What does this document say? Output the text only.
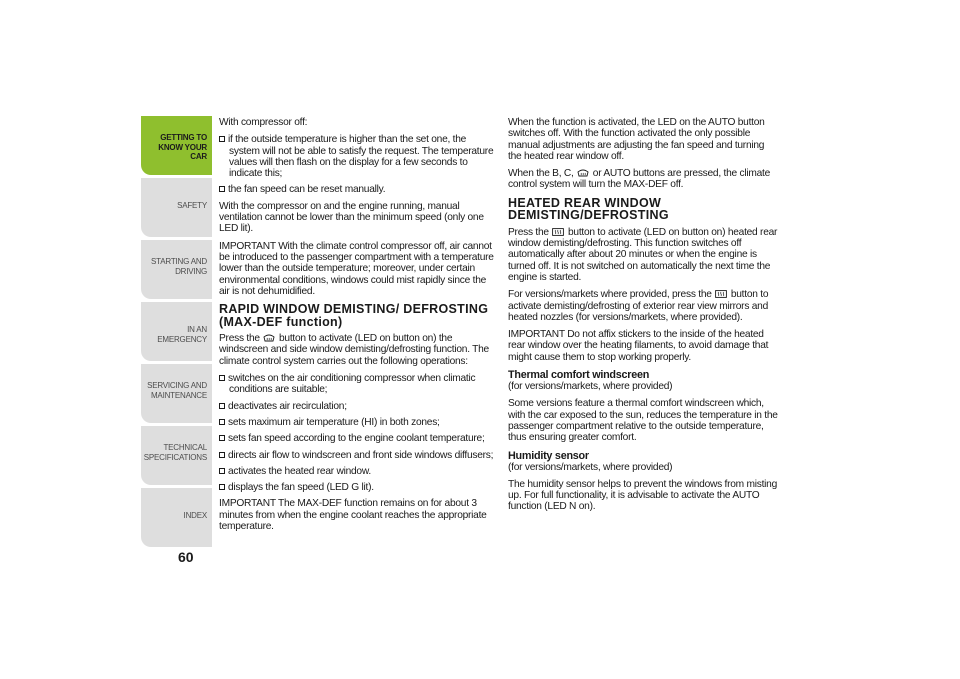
GETTING TO KNOW YOUR CAR
SAFETY
STARTING AND DRIVING
IN AN EMERGENCY
SERVICING AND MAINTENANCE
TECHNICAL SPECIFICATIONS
INDEX
60

With compressor off:

if the outside temperature is higher than the set one, the system will not be able to satisfy the request. The temperature values will then flash on the display for a few seconds to indicate this;
the fan speed can be reset manually.

With the compressor on and the engine running, manual ventilation cannot be lower than the minimum speed (only one LED lit).

IMPORTANT With the climate control compressor off, air cannot be introduced to the passenger compartment with a temperature lower than the outside temperature; moreover, under certain environmental conditions, windows could mist rapidly since the air is not dehumidified.

RAPID WINDOW DEMISTING/ DEFROSTING (MAX-DEF function)

Press the button to activate (LED on button on) the windscreen and side window demisting/defrosting function. The climate control system carries out the following operations:

switches on the air conditioning compressor when climatic conditions are suitable;
deactivates air recirculation;
sets maximum air temperature (HI) in both zones;
sets fan speed according to the engine coolant temperature;
directs air flow to windscreen and front side windows diffusers;
activates the heated rear window.
displays the fan speed (LED G lit).

IMPORTANT The MAX-DEF function remains on for about 3 minutes from when the engine coolant reaches the appropriate temperature.

When the function is activated, the LED on the AUTO button switches off. With the function activated the only possible manual adjustments are adjusting the fan speed and turning the heated rear window off.

When the B, C, or AUTO buttons are pressed, the climate control system will turn the MAX-DEF off.

HEATED REAR WINDOW DEMISTING/DEFROSTING

Press the button to activate (LED on button on) heated rear window demisting/defrosting. This function switches off automatically after about 20 minutes or when the engine is turned off. It is not switched on automatically the next time the engine is started.

For versions/markets where provided, press the button to activate demisting/defrosting of exterior rear view mirrors and heated nozzles (for versions/markets, where provided).

IMPORTANT Do not affix stickers to the inside of the heated rear window over the heating filaments, to avoid damage that might cause them to stop working properly.

Thermal comfort windscreen
(for versions/markets, where provided)

Some versions feature a thermal comfort windscreen which, with the car exposed to the sun, reduces the temperature in the passenger compartment relative to the outside temperature, thus ensuring greater comfort.

Humidity sensor
(for versions/markets, where provided)

The humidity sensor helps to prevent the windows from misting up. For full functionality, it is advisable to activate the AUTO function (LED N on).
